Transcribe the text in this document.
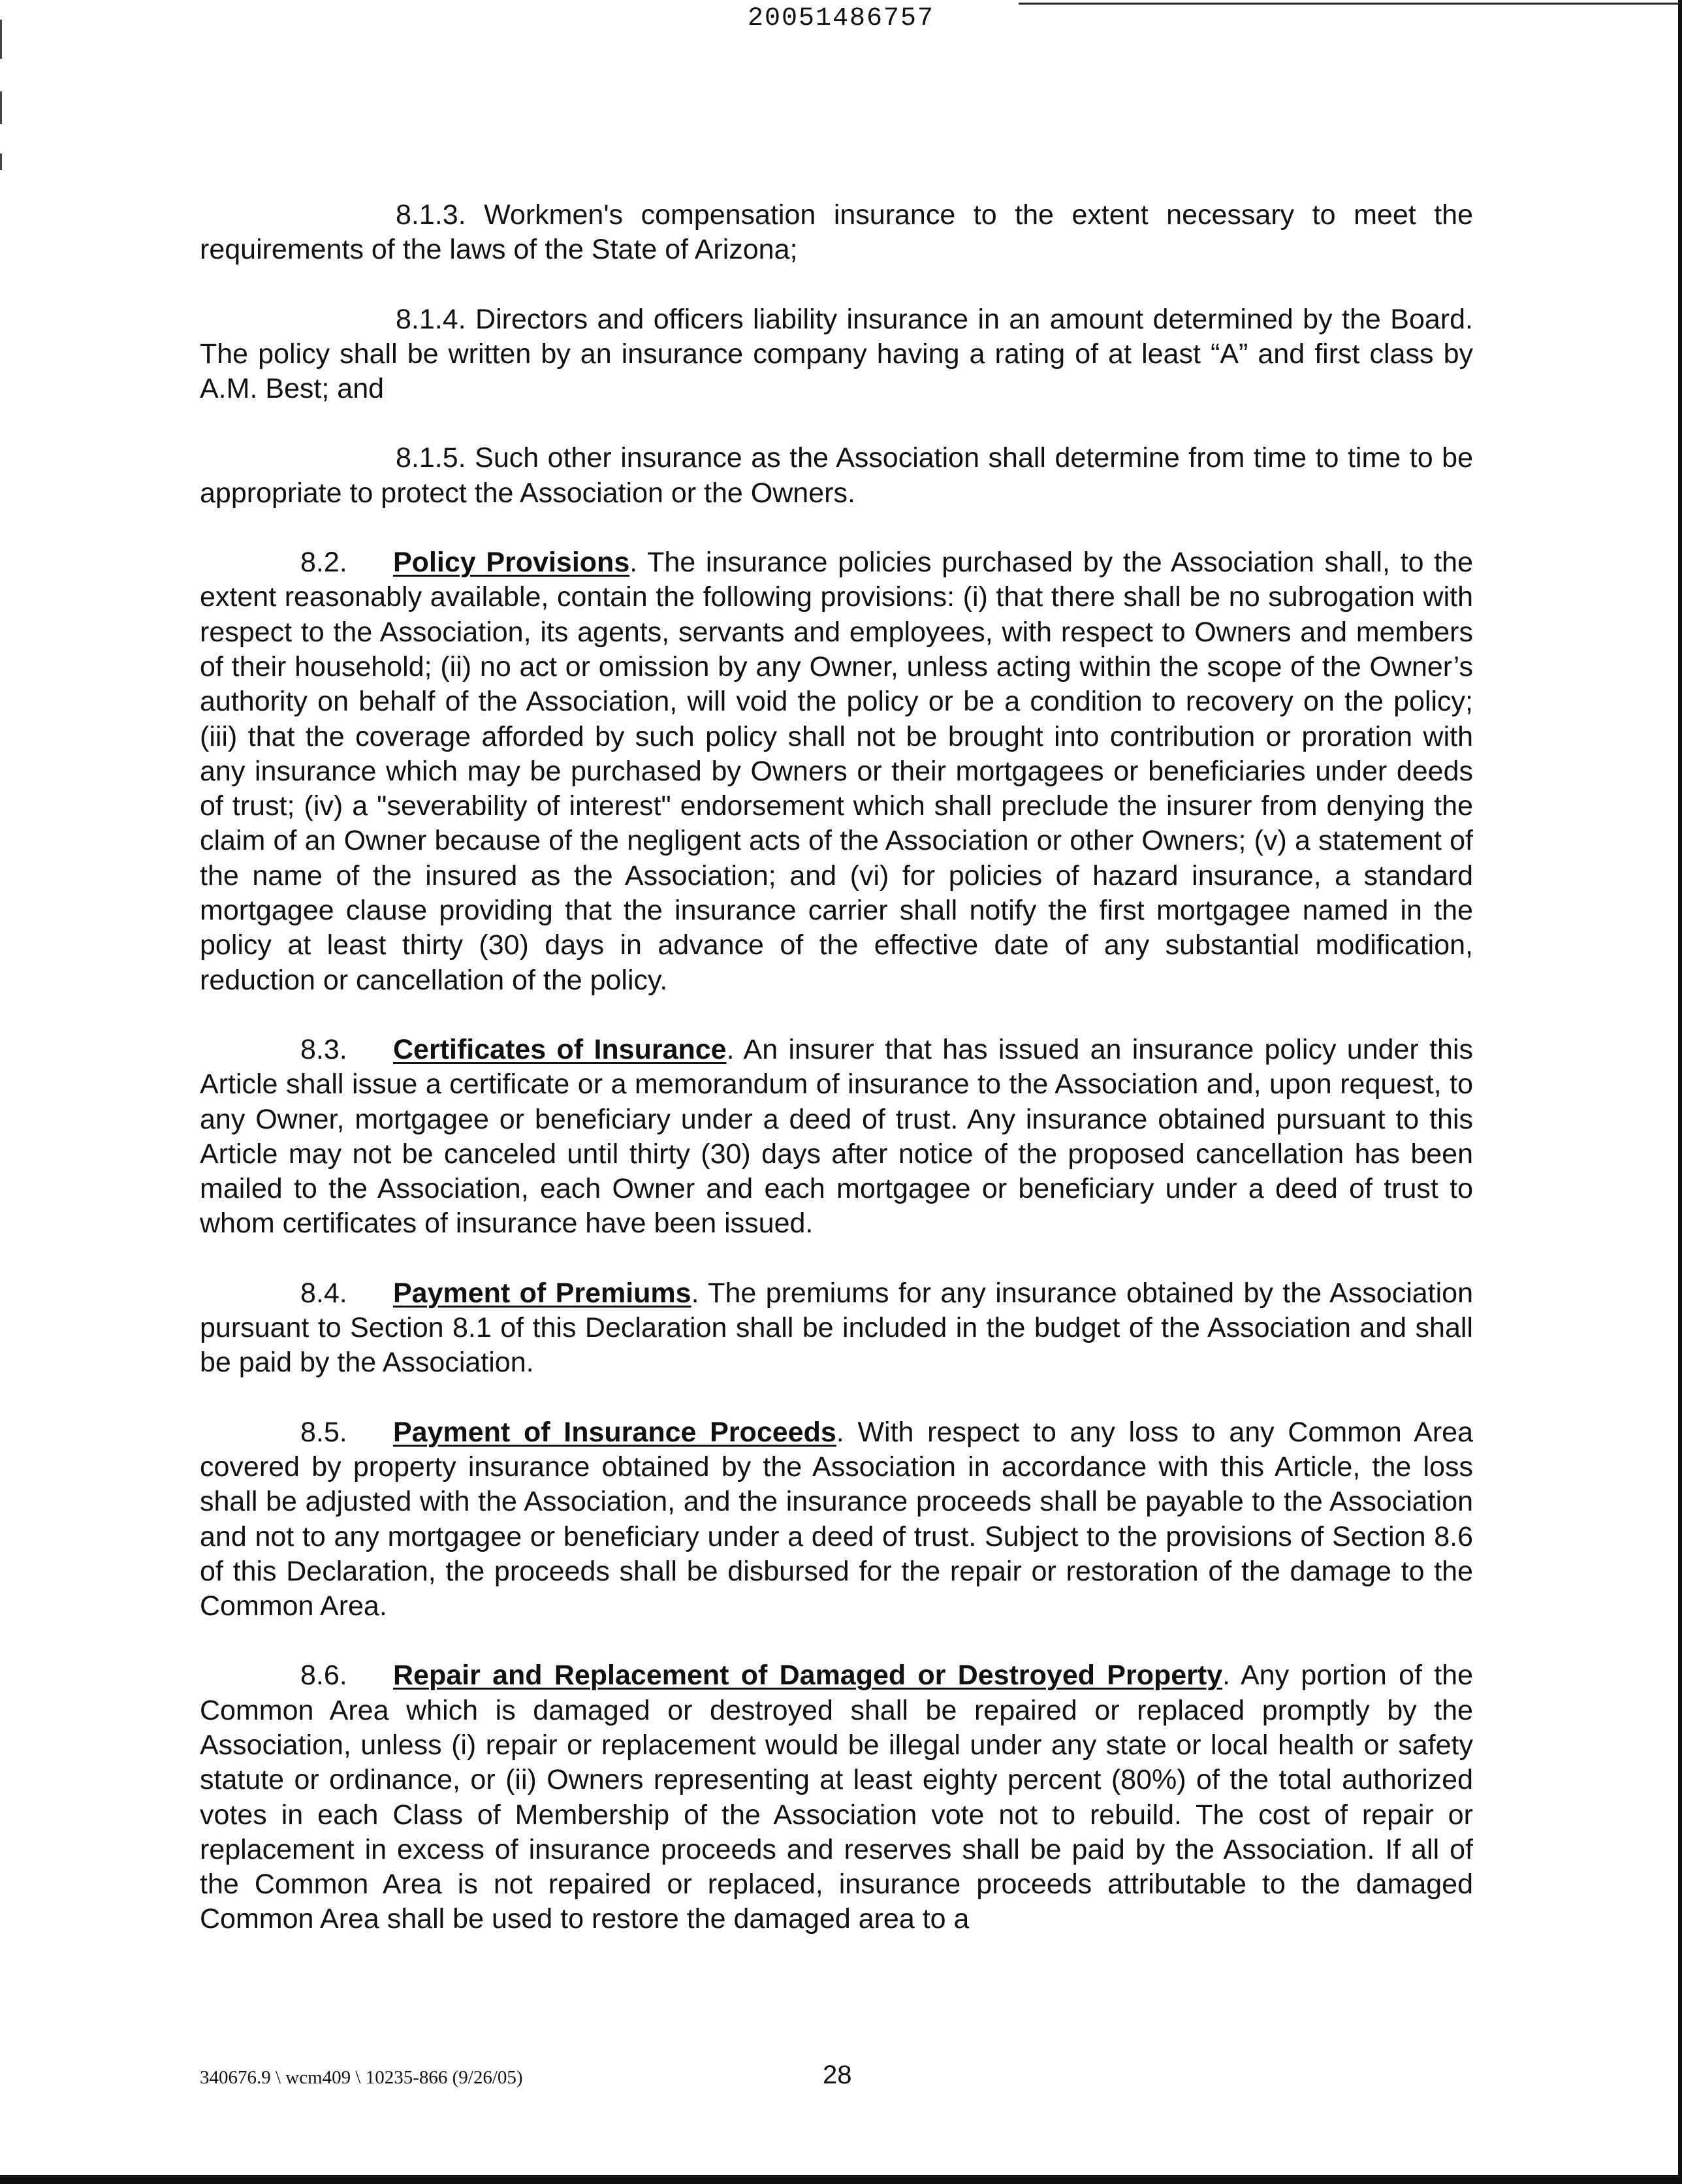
20051486757

8.1.3. Workmen's compensation insurance to the extent necessary to meet the requirements of the laws of the State of Arizona;

8.1.4. Directors and officers liability insurance in an amount determined by the Board. The policy shall be written by an insurance company having a rating of at least “A” and first class by A.M. Best; and

8.1.5. Such other insurance as the Association shall determine from time to time to be appropriate to protect the Association or the Owners.

8.2. Policy Provisions. The insurance policies purchased by the Association shall, to the extent reasonably available, contain the following provisions: (i) that there shall be no subrogation with respect to the Association, its agents, servants and employees, with respect to Owners and members of their household; (ii) no act or omission by any Owner, unless acting within the scope of the Owner’s authority on behalf of the Association, will void the policy or be a condition to recovery on the policy; (iii) that the coverage afforded by such policy shall not be brought into contribution or proration with any insurance which may be purchased by Owners or their mortgagees or beneficiaries under deeds of trust; (iv) a "severability of interest" endorsement which shall preclude the insurer from denying the claim of an Owner because of the negligent acts of the Association or other Owners; (v) a statement of the name of the insured as the Association; and (vi) for policies of hazard insurance, a standard mortgagee clause providing that the insurance carrier shall notify the first mortgagee named in the policy at least thirty (30) days in advance of the effective date of any substantial modification, reduction or cancellation of the policy.

8.3. Certificates of Insurance. An insurer that has issued an insurance policy under this Article shall issue a certificate or a memorandum of insurance to the Association and, upon request, to any Owner, mortgagee or beneficiary under a deed of trust. Any insurance obtained pursuant to this Article may not be canceled until thirty (30) days after notice of the proposed cancellation has been mailed to the Association, each Owner and each mortgagee or beneficiary under a deed of trust to whom certificates of insurance have been issued.

8.4. Payment of Premiums. The premiums for any insurance obtained by the Association pursuant to Section 8.1 of this Declaration shall be included in the budget of the Association and shall be paid by the Association.

8.5. Payment of Insurance Proceeds. With respect to any loss to any Common Area covered by property insurance obtained by the Association in accordance with this Article, the loss shall be adjusted with the Association, and the insurance proceeds shall be payable to the Association and not to any mortgagee or beneficiary under a deed of trust. Subject to the provisions of Section 8.6 of this Declaration, the proceeds shall be disbursed for the repair or restoration of the damage to the Common Area.

8.6. Repair and Replacement of Damaged or Destroyed Property. Any portion of the Common Area which is damaged or destroyed shall be repaired or replaced promptly by the Association, unless (i) repair or replacement would be illegal under any state or local health or safety statute or ordinance, or (ii) Owners representing at least eighty percent (80%) of the total authorized votes in each Class of Membership of the Association vote not to rebuild. The cost of repair or replacement in excess of insurance proceeds and reserves shall be paid by the Association. If all of the Common Area is not repaired or replaced, insurance proceeds attributable to the damaged Common Area shall be used to restore the damaged area to a

340676.9 \ wcm409 \ 10235-866 (9/26/05)	28
